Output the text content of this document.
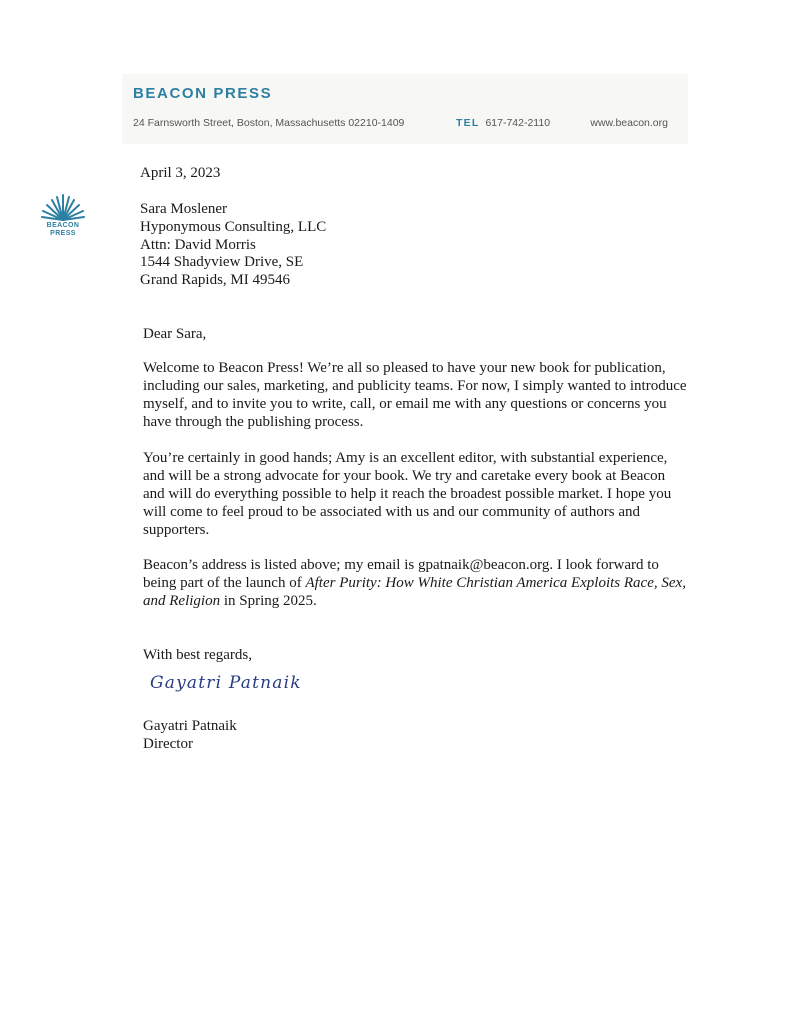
BEACON PRESS
24 Farnsworth Street, Boston, Massachusetts 02210-1409	TEL 617-742-2110	www.beacon.org
BEACON
PRESS
April 3, 2023
Sara Moslener
Hyponymous Consulting, LLC
Attn: David Morris
1544 Shadyview Drive, SE
Grand Rapids, MI 49546
Dear Sara,
Welcome to Beacon Press! We’re all so pleased to have your new book for publication,
including our sales, marketing, and publicity teams. For now, I simply wanted to introduce
myself, and to invite you to write, call, or email me with any questions or concerns you
have through the publishing process.
You’re certainly in good hands; Amy is an excellent editor, with substantial experience,
and will be a strong advocate for your book. We try and caretake every book at Beacon
and will do everything possible to help it reach the broadest possible market. I hope you
will come to feel proud to be associated with us and our community of authors and
supporters.
Beacon’s address is listed above; my email is gpatnaik@beacon.org. I look forward to
being part of the launch of After Purity: How White Christian America Exploits Race, Sex,
and Religion in Spring 2025.
With best regards,
Gayatri Patnaik
Gayatri Patnaik
Director
